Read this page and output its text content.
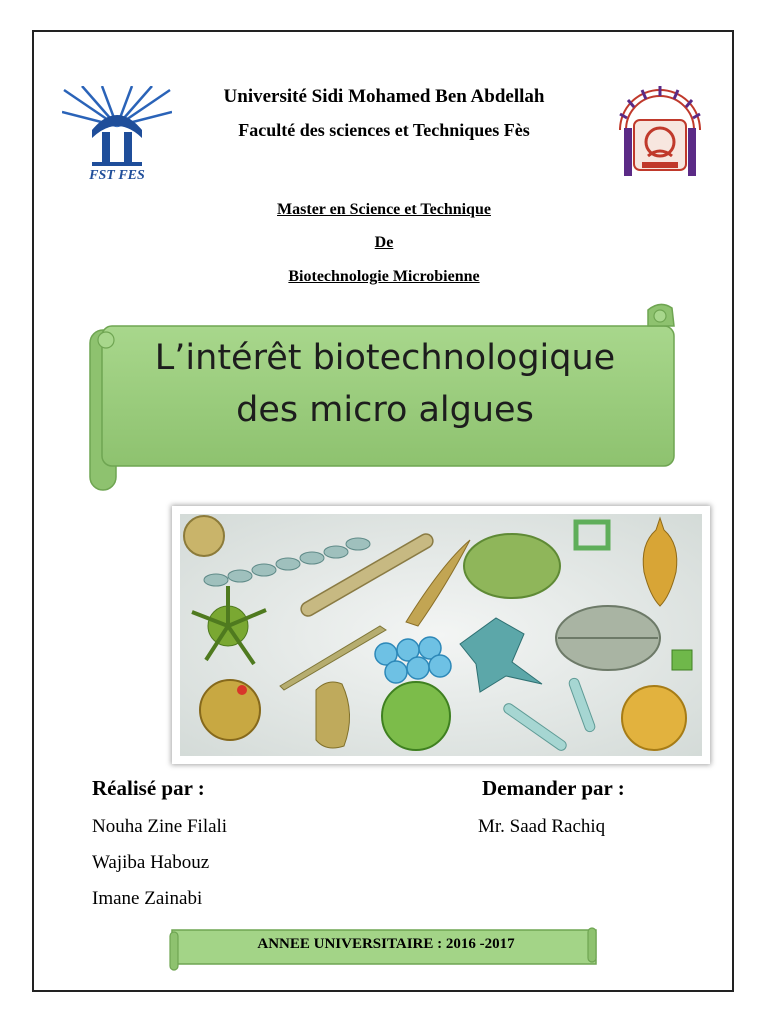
FST FES
Université Sidi Mohamed Ben Abdellah
Faculté des sciences et Techniques Fès
Master en Science et Technique
De
Biotechnologie Microbienne
L’intérêt biotechnologique
des micro algues
Réalisé par :	Demander par :
Nouha Zine Filali
Wajiba Habouz
Imane Zainabi
Mr. Saad Rachiq
ANNEE UNIVERSITAIRE : 2016 -2017
